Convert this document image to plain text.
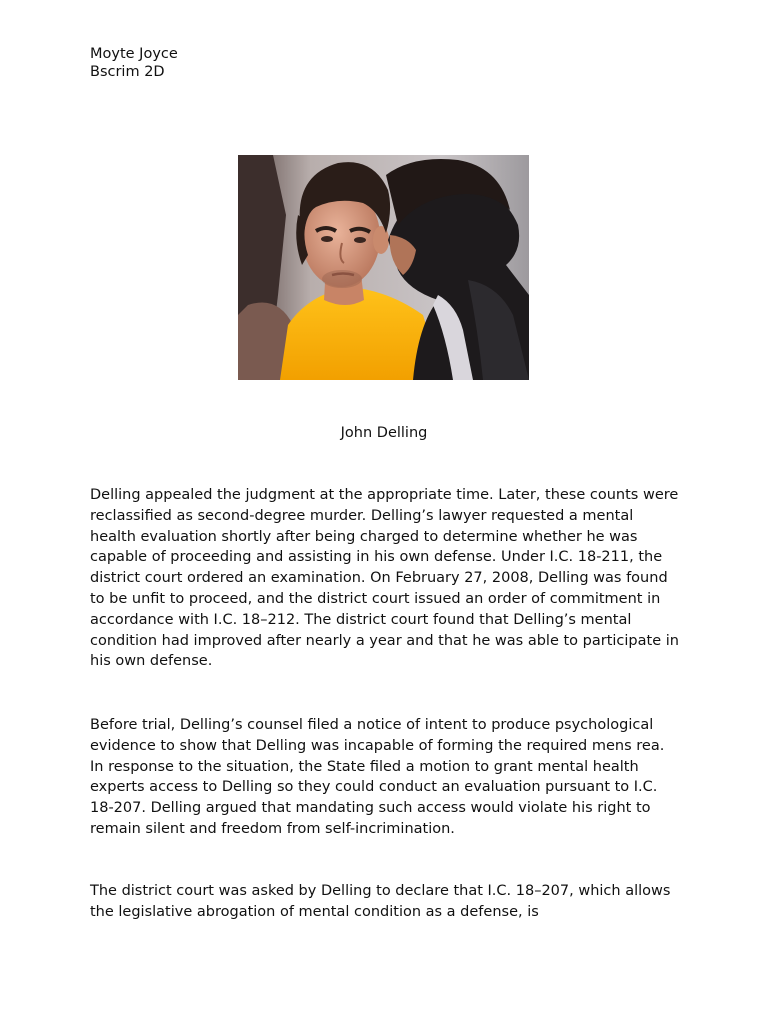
Moyte Joyce
Bscrim 2D
John Delling

Delling appealed the judgment at the appropriate time. Later, these counts were reclassified as second-degree murder. Delling’s lawyer requested a mental health evaluation shortly after being charged to determine whether he was capable of proceeding and assisting in his own defense. Under I.C. 18-211, the district court ordered an examination. On February 27, 2008, Delling was found to be unfit to proceed, and the district court issued an order of commitment in accordance with I.C. 18–212. The district court found that Delling’s mental condition had improved after nearly a year and that he was able to participate in his own defense.

Before trial, Delling’s counsel filed a notice of intent to produce psychological evidence to show that Delling was incapable of forming the required mens rea. In response to the situation, the State filed a motion to grant mental health experts access to Delling so they could conduct an evaluation pursuant to I.C. 18-207. Delling argued that mandating such access would violate his right to remain silent and freedom from self-incrimination.

The district court was asked by Delling to declare that I.C. 18–207, which allows the legislative abrogation of mental condition as a defense, is
